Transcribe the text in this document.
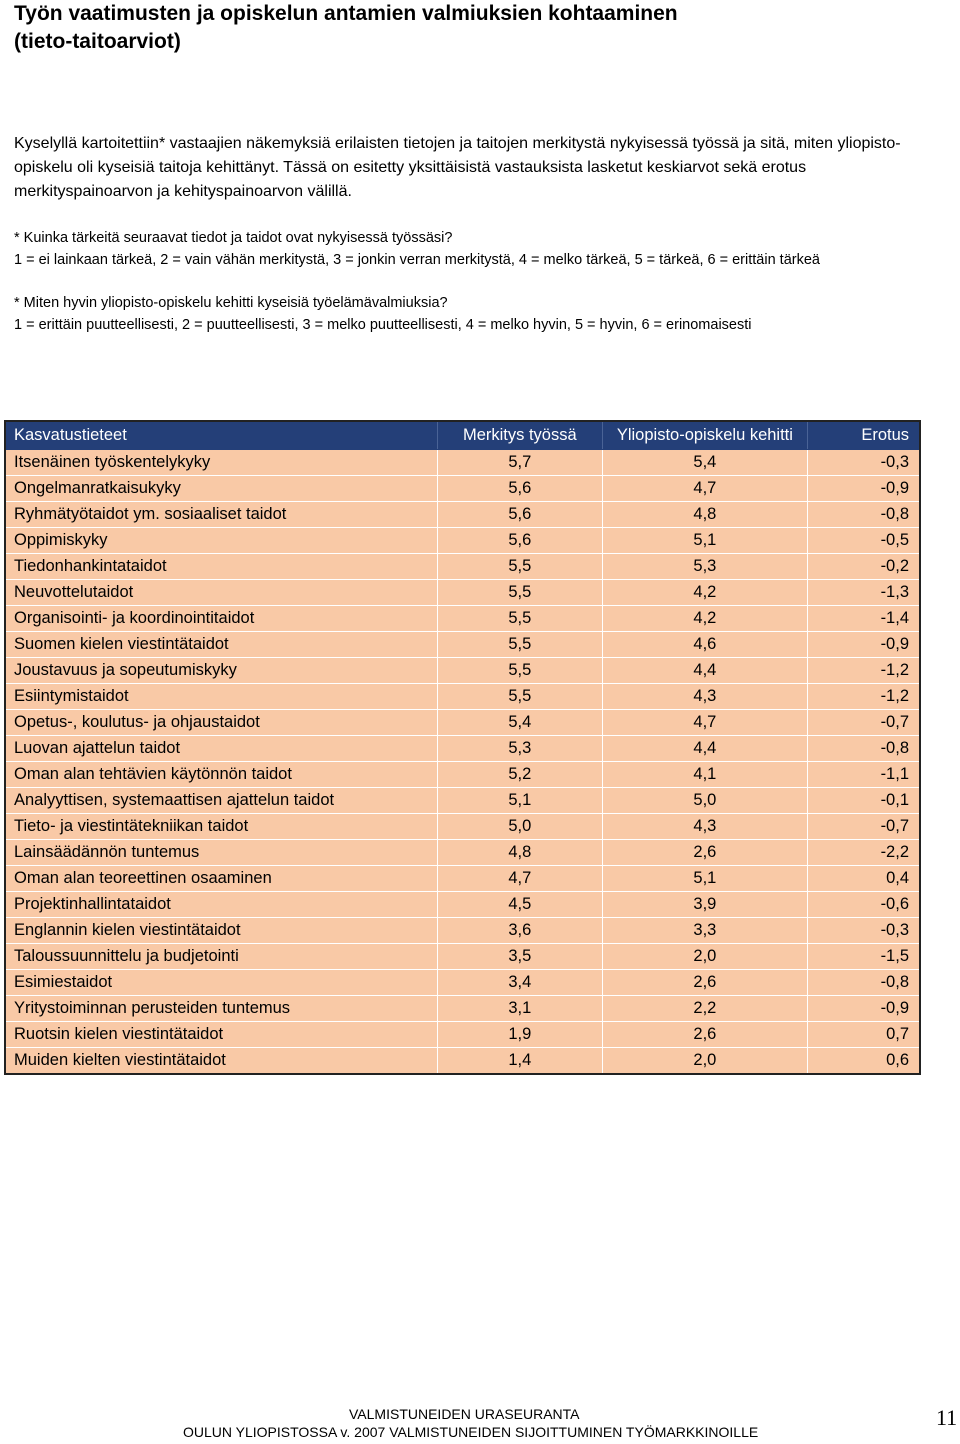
Työn vaatimusten ja opiskelun antamien valmiuksien kohtaaminen
(tieto-taitoarviot)
Kyselyllä kartoitettiin* vastaajien näkemyksiä erilaisten tietojen ja taitojen merkitystä nykyisessä työssä ja sitä, miten yliopisto-opiskelu oli kyseisiä taitoja kehittänyt. Tässä on esitetty yksittäisistä vastauksista lasketut keskiarvot sekä erotus merkityspainoarvon ja kehityspainoarvon välillä.
* Kuinka tärkeitä seuraavat tiedot ja taidot ovat nykyisessä työssäsi?
1 = ei lainkaan tärkeä, 2 = vain vähän merkitystä, 3 = jonkin verran merkitystä, 4 = melko tärkeä, 5 = tärkeä, 6 = erittäin tärkeä
* Miten hyvin yliopisto-opiskelu kehitti kyseisiä työelämävalmiuksia?
1 = erittäin puutteellisesti, 2 = puutteellisesti, 3 = melko puutteellisesti, 4 = melko hyvin, 5 = hyvin, 6 = erinomaisesti
Kasvatustieteet	Merkitys työssä	Yliopisto-opiskelu kehitti	Erotus
Itsenäinen työskentelykyky	5,7	5,4	-0,3
Ongelmanratkaisukyky	5,6	4,7	-0,9
Ryhmätyötaidot ym. sosiaaliset taidot	5,6	4,8	-0,8
Oppimiskyky	5,6	5,1	-0,5
Tiedonhankintataidot	5,5	5,3	-0,2
Neuvottelutaidot	5,5	4,2	-1,3
Organisointi- ja koordinointitaidot	5,5	4,2	-1,4
Suomen kielen viestintätaidot	5,5	4,6	-0,9
Joustavuus ja sopeutumiskyky	5,5	4,4	-1,2
Esiintymistaidot	5,5	4,3	-1,2
Opetus-, koulutus- ja ohjaustaidot	5,4	4,7	-0,7
Luovan ajattelun taidot	5,3	4,4	-0,8
Oman alan tehtävien käytönnön taidot	5,2	4,1	-1,1
Analyyttisen, systemaattisen ajattelun taidot	5,1	5,0	-0,1
Tieto- ja viestintätekniikan taidot	5,0	4,3	-0,7
Lainsäädännön tuntemus	4,8	2,6	-2,2
Oman alan teoreettinen osaaminen	4,7	5,1	0,4
Projektinhallintataidot	4,5	3,9	-0,6
Englannin kielen viestintätaidot	3,6	3,3	-0,3
Taloussuunnittelu ja budjetointi	3,5	2,0	-1,5
Esimiestaidot	3,4	2,6	-0,8
Yritystoiminnan perusteiden tuntemus	3,1	2,2	-0,9
Ruotsin kielen viestintätaidot	1,9	2,6	0,7
Muiden kielten viestintätaidot	1,4	2,0	0,6
VALMISTUNEIDEN URASEURANTA
OULUN YLIOPISTOSSA v. 2007 VALMISTUNEIDEN SIJOITTUMINEN TYÖMARKKINOILLE
11
